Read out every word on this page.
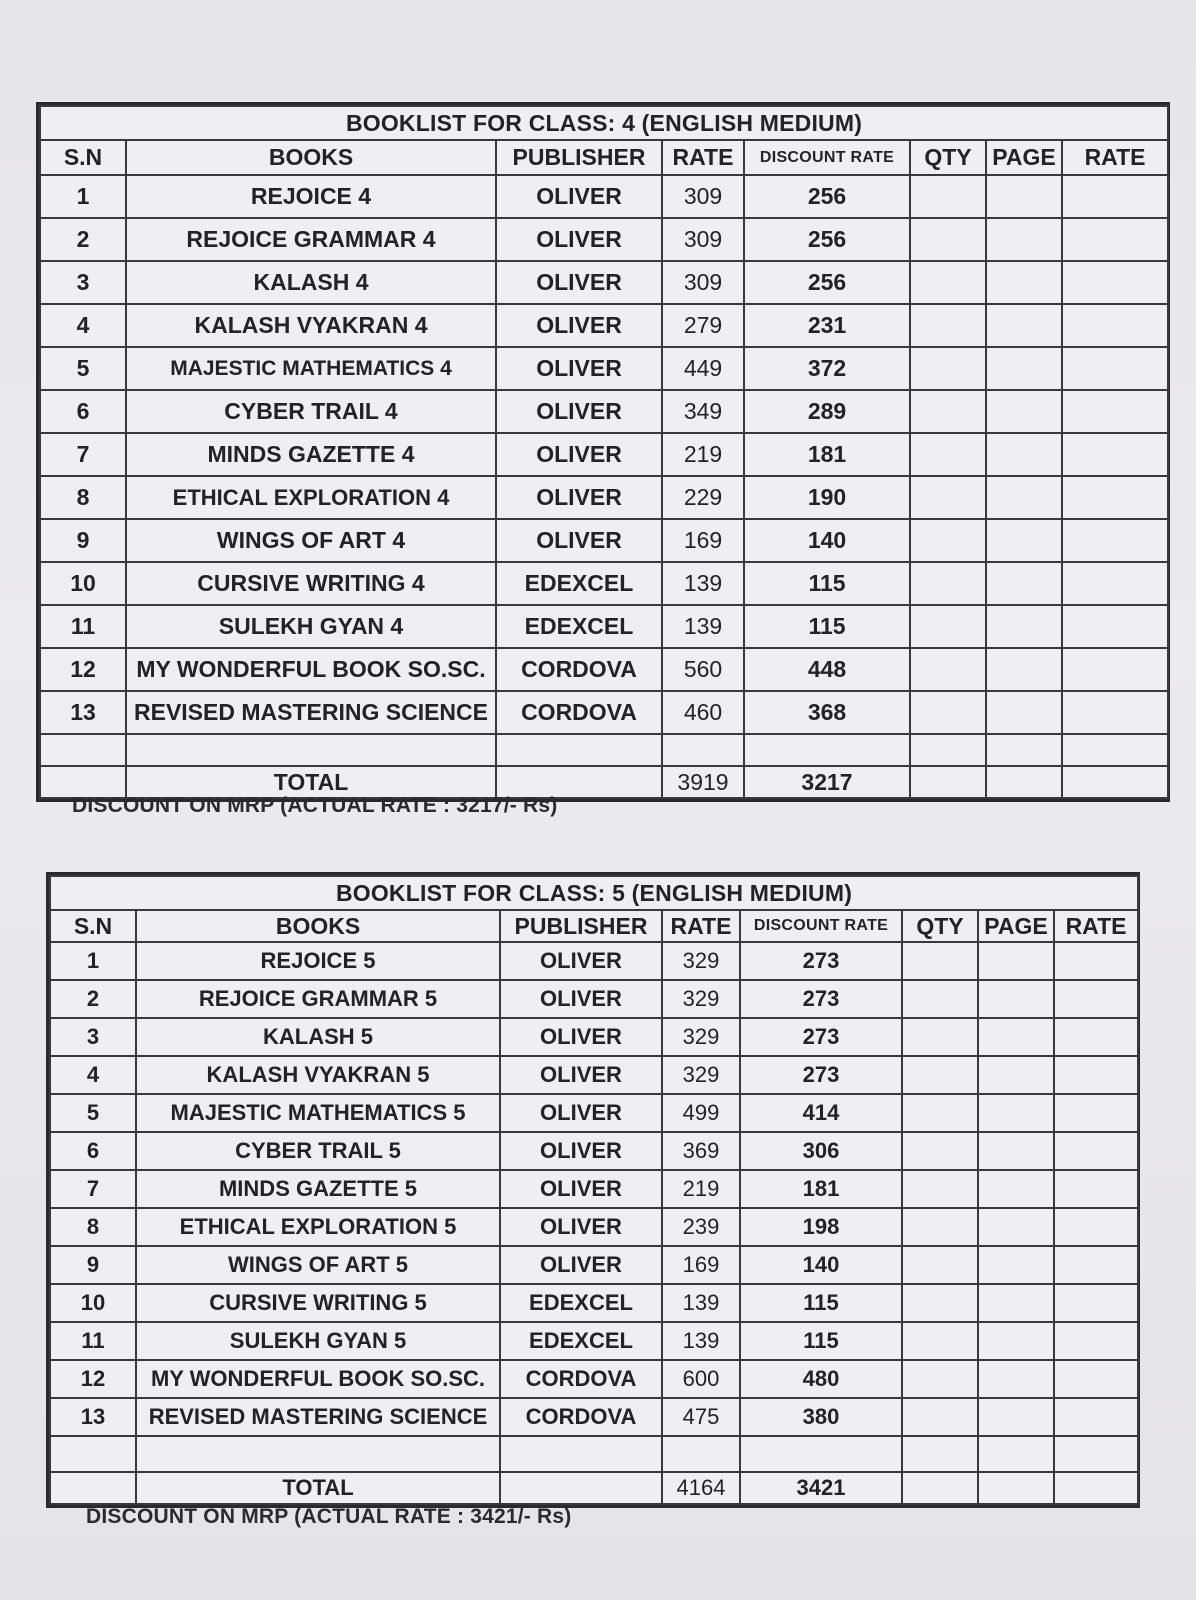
BOOKLIST FOR CLASS: 4 (ENGLISH MEDIUM)							
S.N	BOOKS	PUBLISHER	RATE	DISCOUNT RATE	QTY	PAGE	RATE
1	REJOICE 4	OLIVER	309	256			
2	REJOICE GRAMMAR 4	OLIVER	309	256			
3	KALASH 4	OLIVER	309	256			
4	KALASH VYAKRAN 4	OLIVER	279	231			
5	MAJESTIC MATHEMATICS 4	OLIVER	449	372			
6	CYBER TRAIL 4	OLIVER	349	289			
7	MINDS GAZETTE 4	OLIVER	219	181			
8	ETHICAL EXPLORATION 4	OLIVER	229	190			
9	WINGS OF ART 4	OLIVER	169	140			
10	CURSIVE WRITING 4	EDEXCEL	139	115			
11	SULEKH GYAN 4	EDEXCEL	139	115			
12	MY WONDERFUL BOOK SO.SC.	CORDOVA	560	448			
13	REVISED MASTERING SCIENCE	CORDOVA	460	368			

	TOTAL		3919	3217			
DISCOUNT ON MRP (ACTUAL RATE : 3217/- Rs)
BOOKLIST FOR CLASS: 5 (ENGLISH MEDIUM)							
S.N	BOOKS	PUBLISHER	RATE	DISCOUNT RATE	QTY	PAGE	RATE
1	REJOICE 5	OLIVER	329	273			
2	REJOICE GRAMMAR 5	OLIVER	329	273			
3	KALASH 5	OLIVER	329	273			
4	KALASH VYAKRAN 5	OLIVER	329	273			
5	MAJESTIC MATHEMATICS 5	OLIVER	499	414			
6	CYBER TRAIL 5	OLIVER	369	306			
7	MINDS GAZETTE 5	OLIVER	219	181			
8	ETHICAL EXPLORATION 5	OLIVER	239	198			
9	WINGS OF ART 5	OLIVER	169	140			
10	CURSIVE WRITING 5	EDEXCEL	139	115			
11	SULEKH GYAN 5	EDEXCEL	139	115			
12	MY WONDERFUL BOOK SO.SC.	CORDOVA	600	480			
13	REVISED MASTERING SCIENCE	CORDOVA	475	380			

	TOTAL		4164	3421			
DISCOUNT ON MRP (ACTUAL RATE : 3421/- Rs)
